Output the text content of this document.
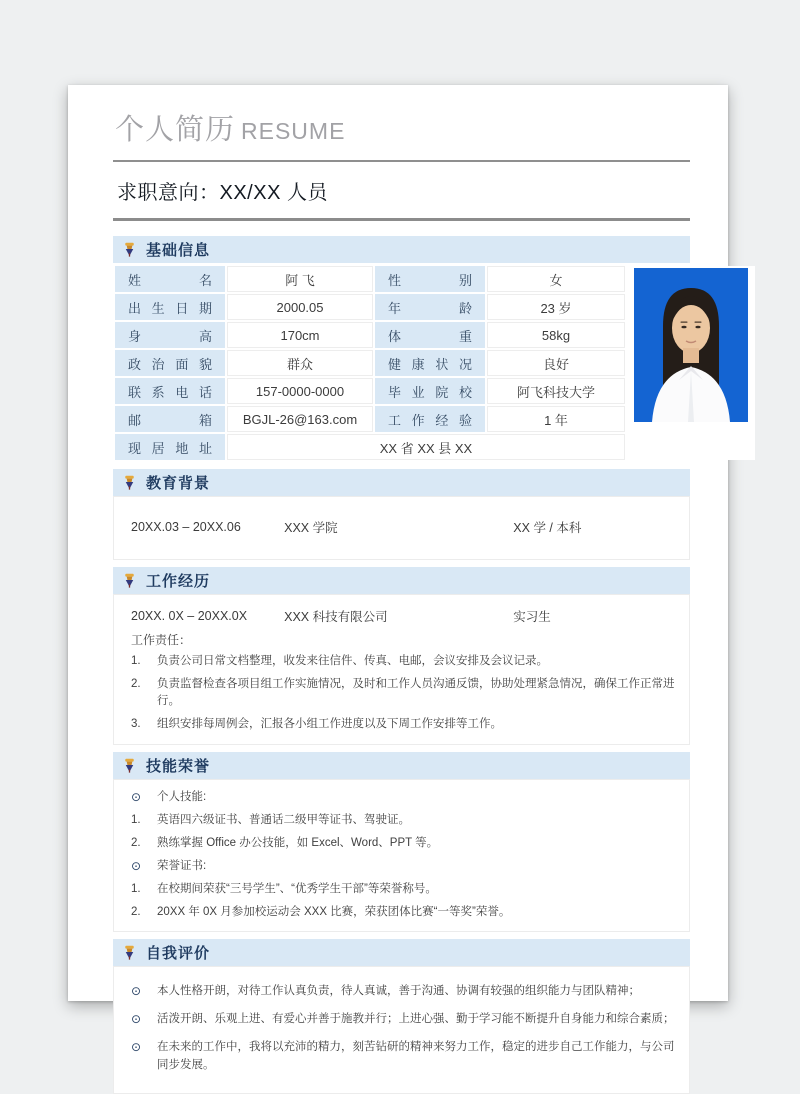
个人简历 RESUME
求职意向：XX/XX 人员
基础信息
姓　名	阿 飞	性　别	女	

出生日期	2000.05	年　龄	23 岁	
身　高	170cm	体　重	58kg	
政治面貌	群众	健康状况	良好	
联系电话	157-0000-0000	毕业院校	阿飞科技大学	
邮　箱	BGJL-26@163.com	工作经验	1 年	
现居地址	XX 省 XX 县 XX			
教育背景
20XX.03 – 20XX.06	XXX 学院	XX 学 / 本科
工作经历
20XX. 0X – 20XX.0X	XXX 科技有限公司	实习生
工作责任：
1.	负责公司日常文档整理，收发来往信件、传真、电邮，会议安排及会议记录。
2.	负责监督检查各项目组工作实施情况，及时和工作人员沟通反馈，协助处理紧急情况，确保工作正常进行。
3.	组织安排每周例会，汇报各小组工作进度以及下周工作安排等工作。
技能荣誉
⊙	个人技能:
1.	英语四六级证书、普通话二级甲等证书、驾驶证。
2.	熟练掌握 Office 办公技能，如 Excel、Word、PPT 等。
⊙	荣誉证书:
1.	在校期间荣获“三号学生”、“优秀学生干部”等荣誉称号。
2.	20XX 年 0X 月参加校运动会 XXX 比赛，荣获团体比赛“一等奖”荣誉。
自我评价
⊙	本人性格开朗，对待工作认真负责，待人真诚，善于沟通、协调有较强的组织能力与团队精神；
⊙	活泼开朗、乐观上进、有爱心并善于施教并行；上进心强、勤于学习能不断提升自身能力和综合素质；
⊙	在未来的工作中，我将以充沛的精力，刻苦钻研的精神来努力工作，稳定的进步自己工作能力，与公司同步发展。
